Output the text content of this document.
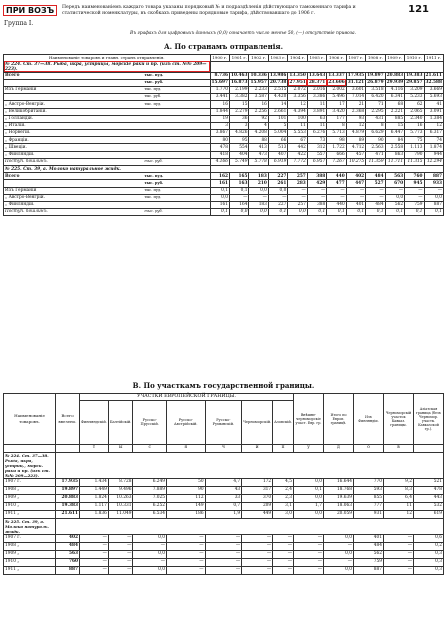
ПРИ ВОЗЪ
Группа I.
Передъ наименованіемъ каждаго товара указаны порядковый № и подраздѣленія дѣйствующаго таможеннаго тарифа и статистической номенклатуры, въ скобкахъ приведены порядковые тарифа, дѣйствовавшаго до 1906 г.
Въ графахъ для цифровыхъ данныхъ (0,0) означаетъ число менѣе 50, (—) отсутствіе привоза.
121
А. По странамъ отправленія.
Наименованіе товаровъ и главн. странъ отправленія.		1900 г.	1901 г.	1902 г.	1903 г.	1904 г.	1905 г.	1906 г.	1907 г.	1908 г.	1909 г.	1910 г.	1911 г.
№ 224. Ст. 37—38. Рыба, икра, устрицы, морскіе раки и пр. (изъ ст. №№ 209—223).													
Всего	тыс. пуд.	8.736	10.463	10.336	13.986	13.350	13.643	13.337	17.935	19.897	20.883	19.383	21.611
	тыс. руб.	15.697	16.873	15.957	20.738	27.951	28.371	23.606	31.121	26.879	29.939	29.857	32.588
Изъ Германіи	тыс. пуд.	1.770	2.199	2.233	2.515	2.072	2.016	2.002	3.601	3.518	4.116	3.209	3.669
	тыс. руб.	3.441	3.382	3.587	4.420	3.356	3.386	5.496	7.014	6.420	6.341	5.233	5.693
„ Австро-Венгріи.	тыс. пуд.	16	15	16	14	12	11	17	21	71	68	62	41
„ Великобританіи.		1.844	2.279	2.256	2.661	4.394	3.891	3.420	2.368	2.295	2.221	2.065	3.091
„ Голландіи.		19	36	92	101	100	63	177	93	431	885	2.340	1.384
„ Италіи.		3	3	4	5	11	11	8	12	8	15	16	12
„ Норвегіи.		3.867	4.826	4.208	5.004	5.553	6.276	5.713	4.879	6.629	6.447	5.773	6.317
„ Франціи.		80	95	88	66	67	73	98	89	90	84	75	74
„ Швеціи.		478	554	413	513	442	312	1.722	4.712	2.563	2.558	1.113	1.874
„ Финляндіи.		418	404	473	407	422	557	666	457	471	863	790	944
Поступ. пошлинъ.	тыс. руб.	4.166	5.749	5.778	6.919	7.772	6.957	7.267	10.275	11.359	11.711	11.315	12.294
№ 225. Ст. 39, а. Молоко натуральное жидк.													
Всего	тыс. пуд.	162	165	183	227	257	388	440	402	484	563	760	887
	тыс. руб.	161	163	210	261	283	429	477	447	527	670	945	933
Изъ Германіи	тыс. пуд.	0,1	0,1	0,0	0,0	—	—	—	—	—	—	—	—
„ Австро-Венгріи.	тыс. пуд.	0,0	—	—	—	—	—	—	—	—	0,0	—	0,0
„ Финляндіи.		161	164	183	227	257	388	440	401	484	562	759	887
Поступ. пошлинъ.	тыс. руб.	0,1	0,0	0,0	0,1	0,0	0,1	0,1	0,1	0,1	0,1	0,1	0,1
В. По участкамъ государственной границы.
Наименованіе товаровъ.	Всего ввезено.	УЧАСТКИ ЕВРОПЕЙСКОЙ ГРАНИЦЫ.							Внѣшне-черноморскіе участ. Евр. гр.	Итого по Европ. границѣ.	Изъ Финляндіи.	Черноморскій участок Кавказ. границы.	Азіатская граница (безъ Черномор. участк. Кавказской гр.).
		Финляндскій.	Балтійскій.	Русско-Прусскій.	Русско-Австрійскій.	Русско-Румынскій.	Черноморскій.	Азовскій.					
		т	ы	с	я	ч	и	п	у	д	о	в	
№ 224. Ст. 37—38. Рыба, икра, устриц., морск. раки и пр. (изъ ст. №№ 209—223).													
1907 г.	17.935	1.434	8.728	6.249	50	4,7	172	4,5	0,0	16.644	770	9,2	521
1908 „	19.897	1.449	9.496	7.889	90	43	317	2,4	0,1	18.768	593	8,3	478
1909 „	20.883	1.824	10.263	7.025	112	33	370	2,3	0,0	19.639	855	6,4	443
1910 „	19.383	1.117	10.331	6.252	149	0,7	209	3,1	1,7	18.063	777	11	532
1911 „	21.611	1.836	11.049	6.534	186	1,9	449	3,0	0,0	20.059	931	12	619
№ 225. Ст. 39, а. Молоко натураль. жидк.													
1907 г.	402	—	—	0,0	—	—	—	—	—	0,0	401	—	0,6
1908 „	484	—	—	—	—	—	—	—	—	—	484	—	0,2
1909 „	563	—	—	0,0	—	—	—	—	—	0,0	562	—	0,3
1910 „	760	—	—	—	—	—	—	—	—	—	759	—	0,3
1911 „	887	—	—	0,0	—	—	—	—	—	0,0	887	—	0,3
